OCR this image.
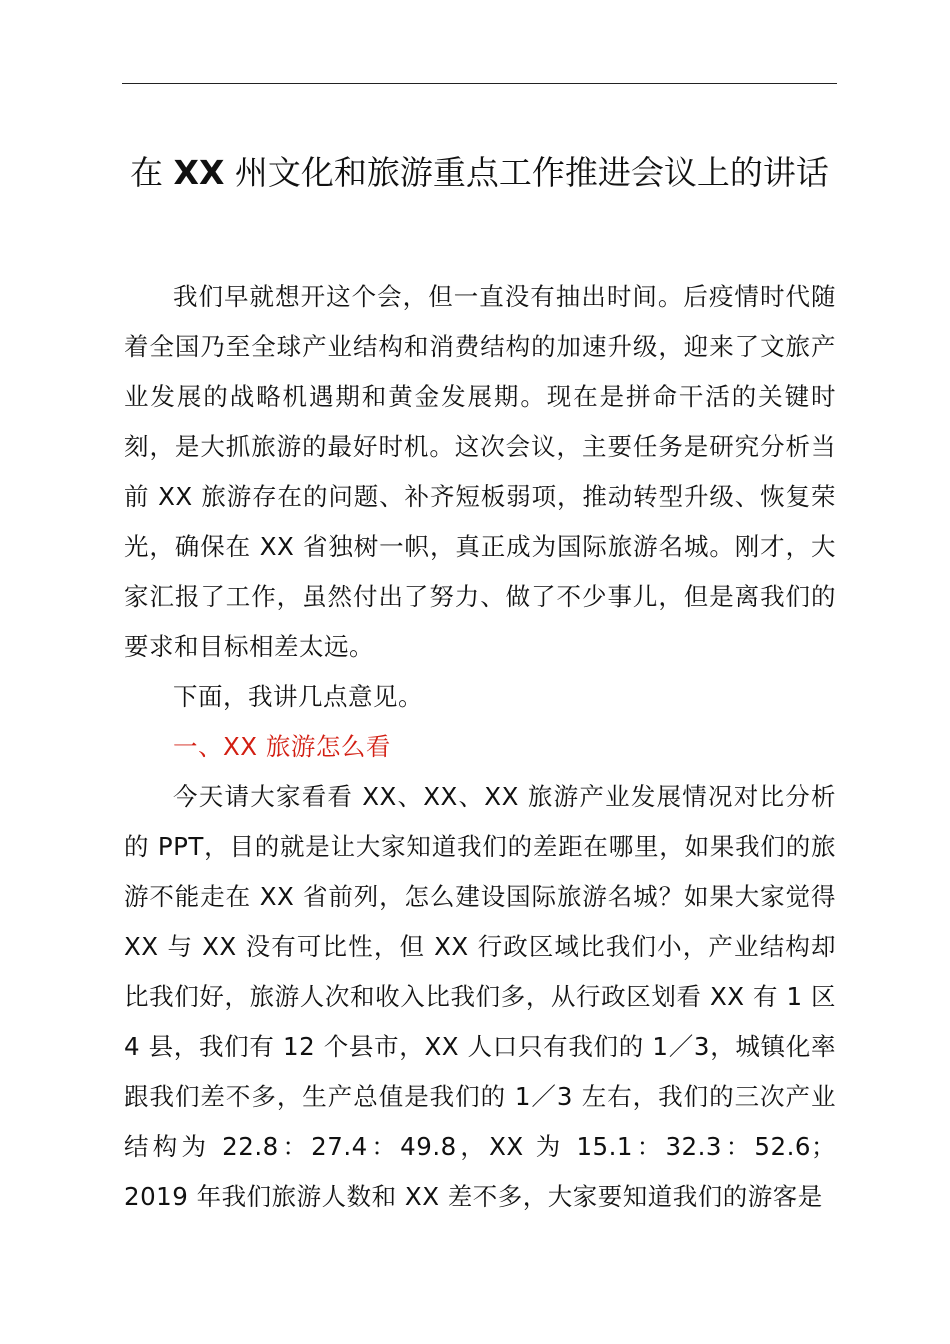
在 XX 州文化和旅游重点工作推进会议上的讲话

我们早就想开这个会，但一直没有抽出时间。后疫情时代随着全国乃至全球产业结构和消费结构的加速升级，迎来了文旅产业发展的战略机遇期和黄金发展期。现在是拼命干活的关键时刻，是大抓旅游的最好时机。这次会议，主要任务是研究分析当前 XX 旅游存在的问题、补齐短板弱项，推动转型升级、恢复荣光，确保在 XX 省独树一帜，真正成为国际旅游名城。刚才，大家汇报了工作，虽然付出了努力、做了不少事儿，但是离我们的要求和目标相差太远。

下面，我讲几点意见。

一、XX 旅游怎么看

今天请大家看看 XX、XX、XX 旅游产业发展情况对比分析的 PPT，目的就是让大家知道我们的差距在哪里，如果我们的旅游不能走在 XX 省前列，怎么建设国际旅游名城？如果大家觉得 XX 与 XX 没有可比性，但 XX 行政区域比我们小，产业结构却比我们好，旅游人次和收入比我们多，从行政区划看 XX 有 1 区 4 县，我们有 12 个县市，XX 人口只有我们的 1／3，城镇化率跟我们差不多，生产总值是我们的 1／3 左右，我们的三次产业结构为 22.8：27.4：49.8，XX 为 15.1：32.3：52.6；2019 年我们旅游人数和 XX 差不多，大家要知道我们的游客是
